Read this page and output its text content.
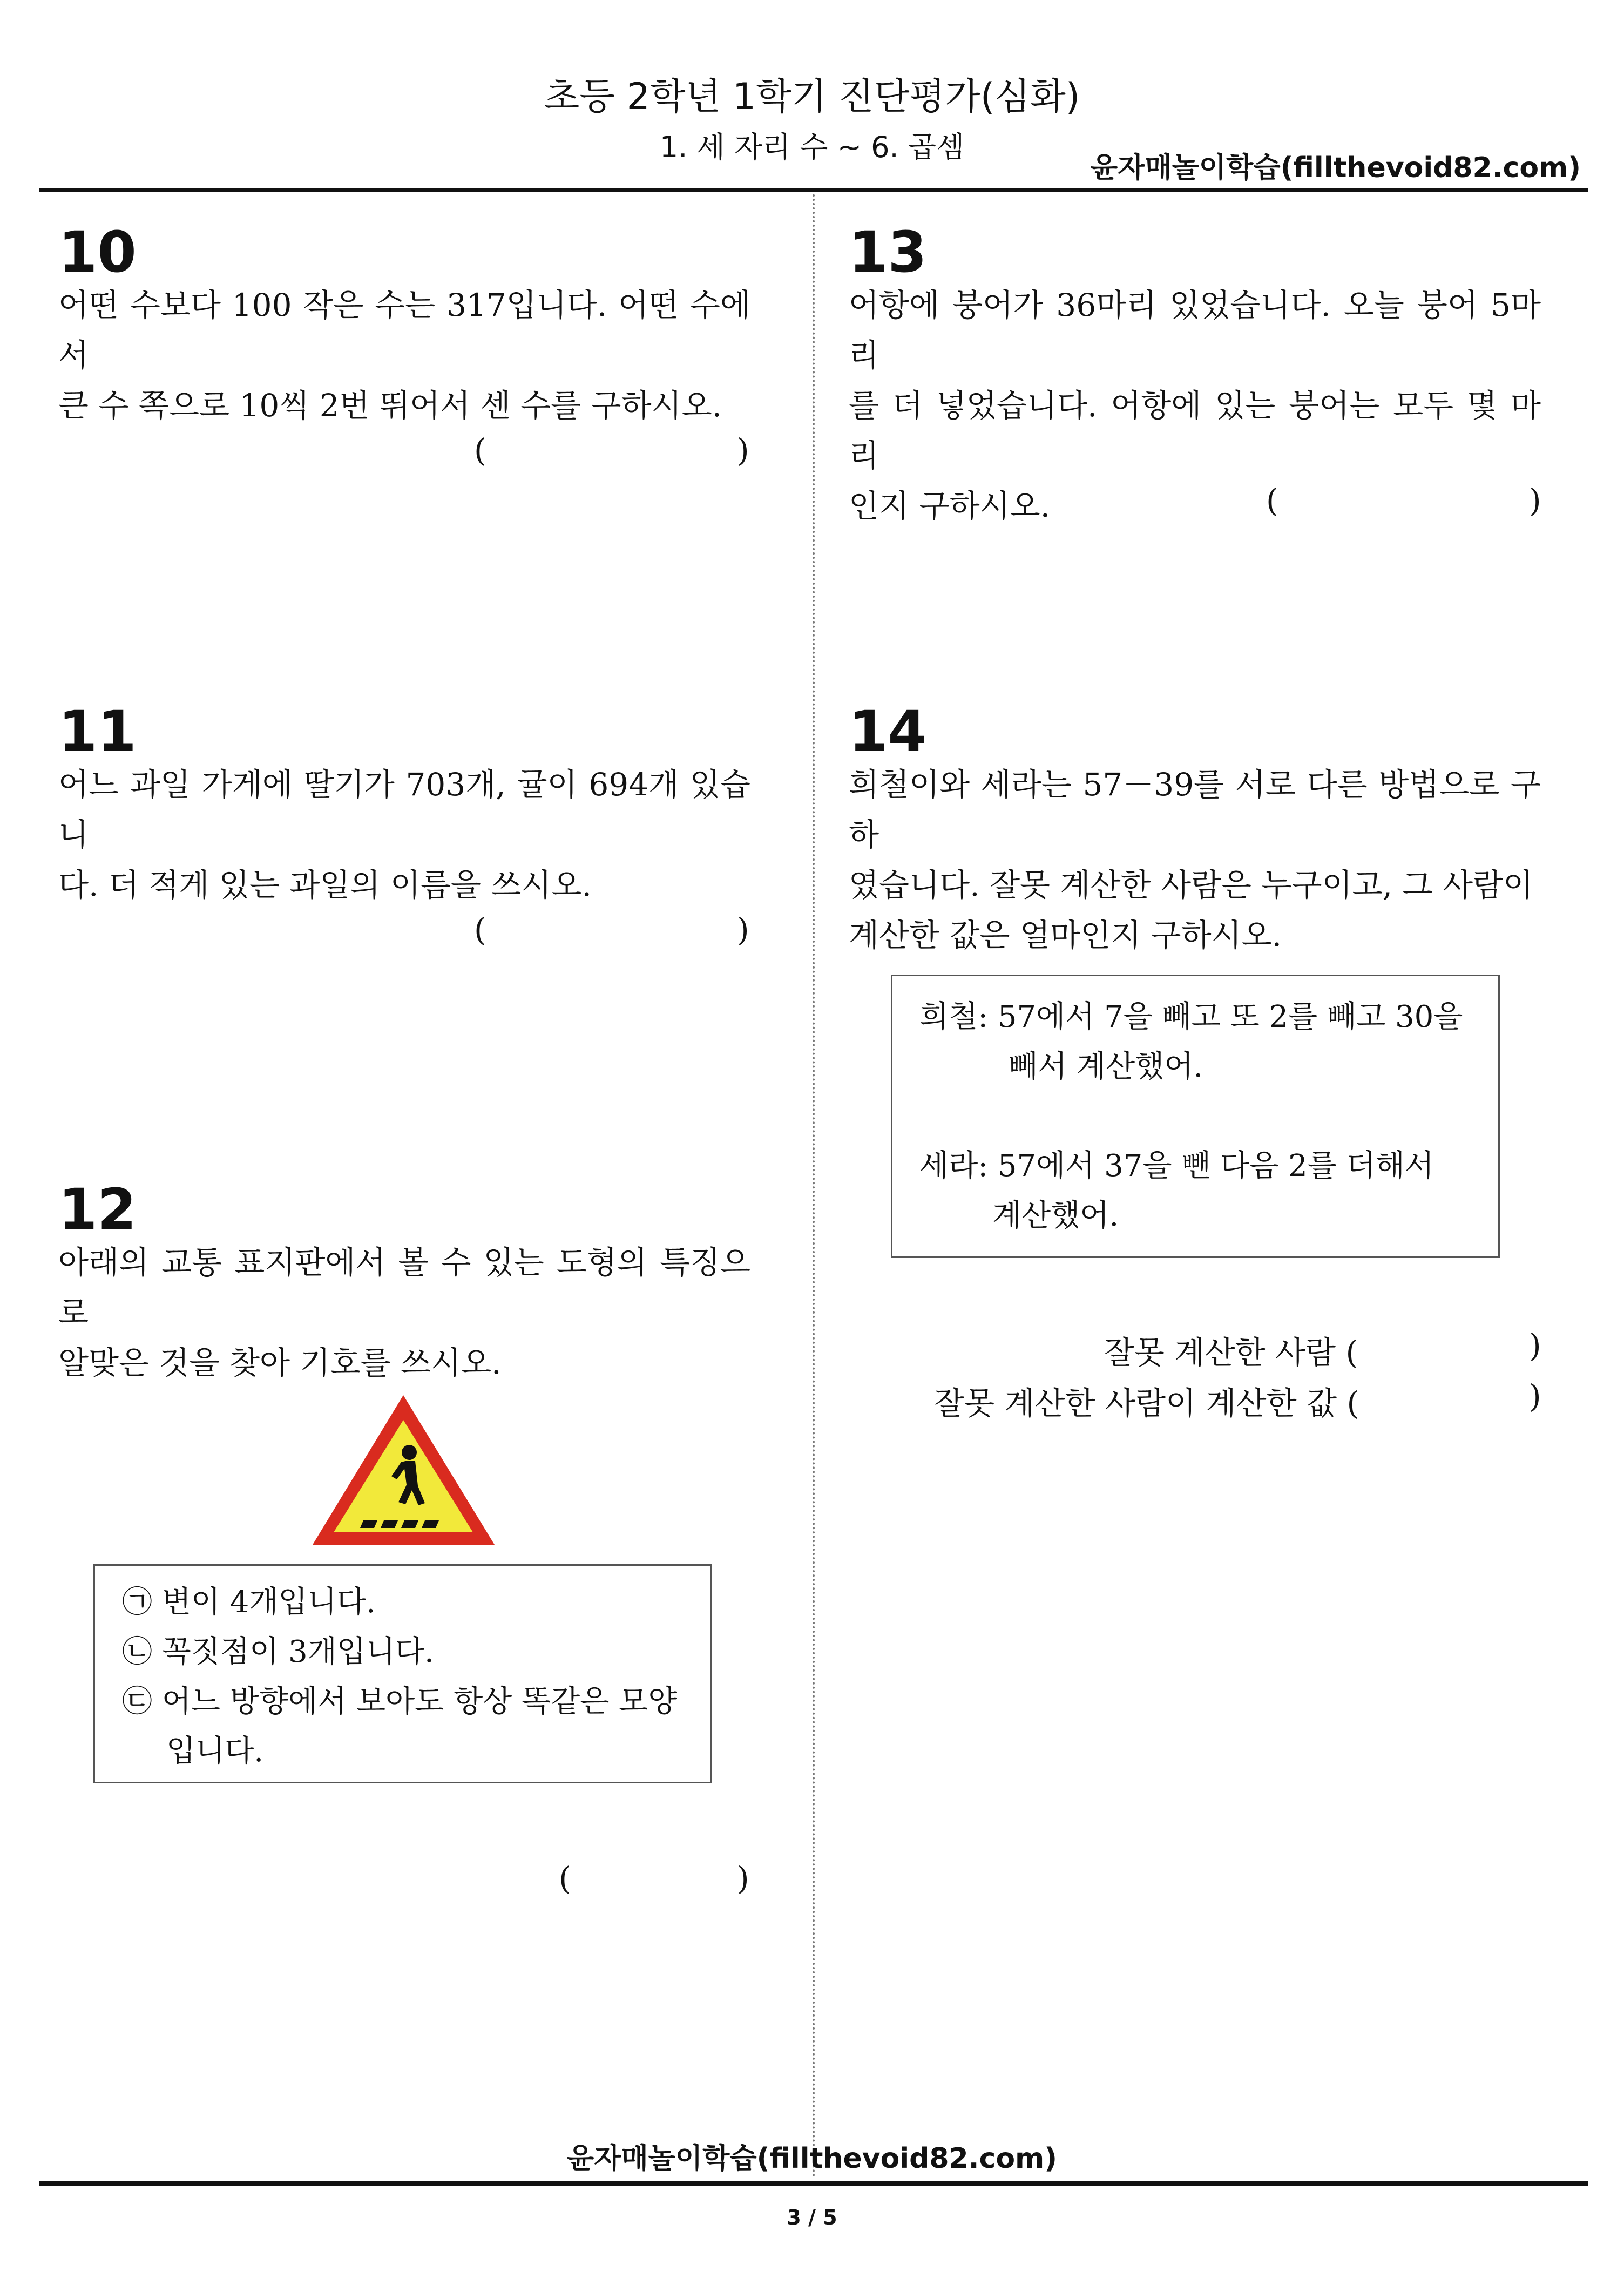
초등 2학년 1학기 진단평가(심화)
1. 세 자리 수 ~ 6. 곱셈
윤자매놀이학습(fillthevoid82.com)
10

어떤 수보다 100 작은 수는 317입니다. 어떤 수에서

큰 수 쪽으로 10씩 2번 뛰어서 센 수를 구하시오.

(	)
11

어느 과일 가게에 딸기가 703개, 귤이 694개 있습니

다. 더 적게 있는 과일의 이름을 쓰시오.

(	)
12

아래의 교통 표지판에서 볼 수 있는 도형의 특징으로

알맞은 것을 찾아 기호를 쓰시오.

㉠ 변이 4개입니다.

㉡ 꼭짓점이 3개입니다.

㉢ 어느 방향에서 보아도 항상 똑같은 모양

입니다.

(	)
13

어항에 붕어가 36마리 있었습니다. 오늘 붕어 5마리

를 더 넣었습니다. 어항에 있는 붕어는 모두 몇 마리

인지 구하시오.	(	)
14

희철이와 세라는 57－39를 서로 다른 방법으로 구하

였습니다. 잘못 계산한 사람은 누구이고, 그 사람이

계산한 값은 얼마인지 구하시오.

희철: 57에서 7을 빼고 또 2를 빼고 30을

빼서 계산했어.

세라: 57에서 37을 뺀 다음 2를 더해서

계산했어.

잘못 계산한 사람 (	)
잘못 계산한 사람이 계산한 값 (	)
윤자매놀이학습(fillthevoid82.com)
3 / 5
